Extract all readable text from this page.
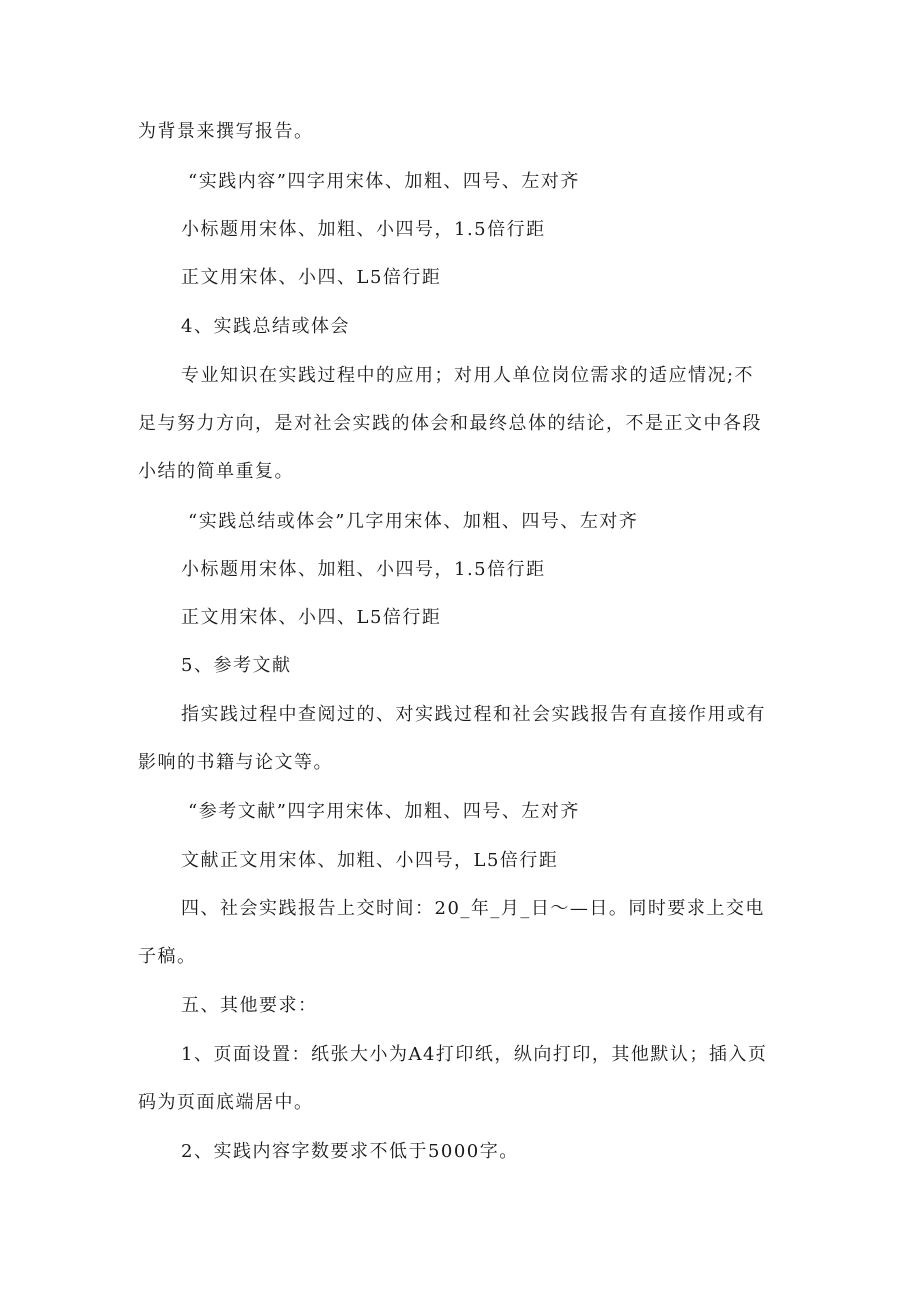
为背景来撰写报告。
“实践内容”四字用宋体、加粗、四号、左对齐
小标题用宋体、加粗、小四号，1.5倍行距
正文用宋体、小四、L5倍行距
4、实践总结或体会
专业知识在实践过程中的应用；对用人单位岗位需求的适应情况;不
足与努力方向，是对社会实践的体会和最终总体的结论，不是正文中各段
小结的简单重复。
“实践总结或体会”几字用宋体、加粗、四号、左对齐
小标题用宋体、加粗、小四号，1.5倍行距
正文用宋体、小四、L5倍行距
5、参考文献
指实践过程中查阅过的、对实践过程和社会实践报告有直接作用或有
影响的书籍与论文等。
“参考文献”四字用宋体、加粗、四号、左对齐
文献正文用宋体、加粗、小四号，L5倍行距
四、社会实践报告上交时间：20_年_月_日～—日。同时要求上交电
子稿。
五、其他要求：
1、页面设置：纸张大小为A4打印纸，纵向打印，其他默认；插入页
码为页面底端居中。
2、实践内容字数要求不低于5000字。
